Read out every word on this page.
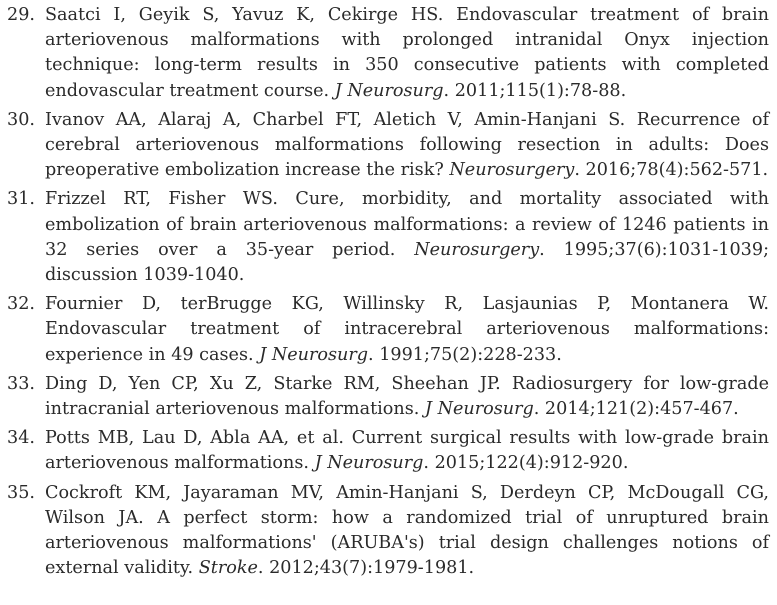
29 . Saatci I, Geyik S, Yavuz K, Cekirge HS. Endovascular treatment of brain arteriovenous malformations with prolonged intranidal Onyx injection technique: long-term results in 350 consecutive patients with completed endovascular treatment course. J Neurosurg. 2011;115(1):78-88.
30 . Ivanov AA, Alaraj A, Charbel FT, Aletich V, Amin-Hanjani S. Recurrence of cerebral arteriovenous malformations following resection in adults: Does preoperative embolization increase the risk? Neurosurgery. 2016;78(4):562-571.
31 . Frizzel RT, Fisher WS. Cure, morbidity, and mortality associated with embolization of brain arteriovenous malformations: a review of 1246 patients in 32 series over a 35-year period. Neurosurgery. 1995;37(6):1031-1039; discussion 1039-1040.
32 . Fournier D, terBrugge KG, Willinsky R, Lasjaunias P, Montanera W. Endovascular treatment of intracerebral arteriovenous malformations: experience in 49 cases. J Neurosurg. 1991;75(2):228-233.
33 . Ding D, Yen CP, Xu Z, Starke RM, Sheehan JP. Radiosurgery for low-grade intracranial arteriovenous malformations. J Neurosurg. 2014;121(2):457-467.
34 . Potts MB, Lau D, Abla AA, et al. Current surgical results with low-grade brain arteriovenous malformations. J Neurosurg. 2015;122(4):912-920.
35 . Cockroft KM, Jayaraman MV, Amin-Hanjani S, Derdeyn CP, McDougall CG, Wilson JA. A perfect storm: how a randomized trial of unruptured brain arteriovenous malformations' (ARUBA's) trial design challenges notions of external validity. Stroke. 2012;43(7):1979-1981.
